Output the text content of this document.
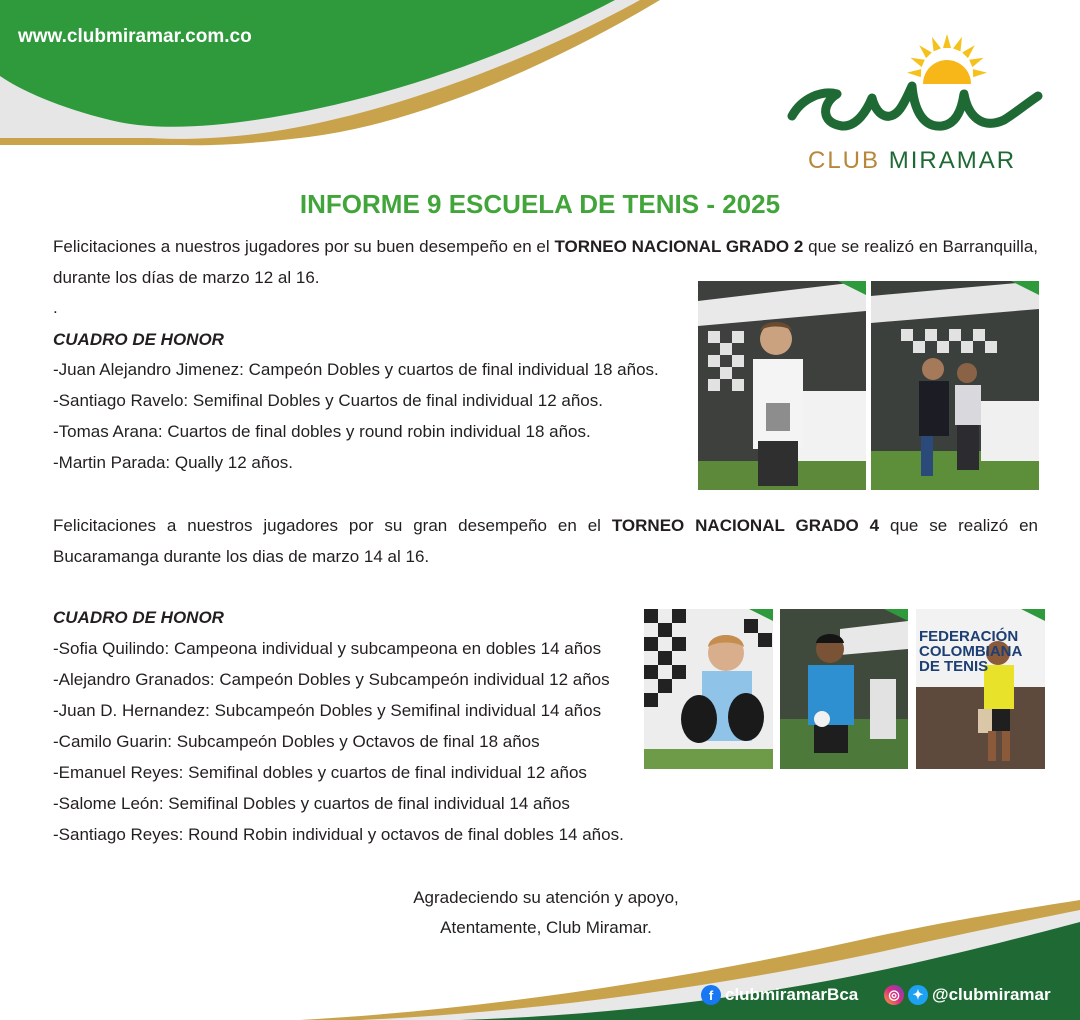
www.clubmiramar.com.co
CLUB MIRAMAR
INFORME 9 ESCUELA DE TENIS - 2025

Felicitaciones a nuestros jugadores por su buen desempeño en el TORNEO NACIONAL GRADO 2 que se realizó en Barranquilla, durante los días de marzo 12 al 16.

.
CUADRO DE HONOR
-Juan Alejandro Jimenez: Campeón Dobles y cuartos de final individual 18 años.
-Santiago Ravelo: Semifinal Dobles y Cuartos de final individual 12 años.
-Tomas Arana: Cuartos de final dobles y round robin individual 18 años.
-Martin Parada: Qually 12 años.

Felicitaciones a nuestros jugadores por su gran desempeño en el TORNEO NACIONAL GRADO 4 que se realizó en Bucaramanga durante los dias de marzo 14 al 16.

CUADRO DE HONOR
-Sofia Quilindo: Campeona individual y subcampeona en dobles 14 años
-Alejandro Granados: Campeón Dobles y Subcampeón individual 12 años
-Juan D. Hernandez: Subcampeón Dobles y Semifinal individual 14 años
-Camilo Guarin: Subcampeón Dobles y Octavos de final 18 años
-Emanuel Reyes: Semifinal dobles y cuartos de final individual 12 años
-Salome León: Semifinal Dobles y cuartos de final individual 14 años
-Santiago Reyes: Round Robin individual y octavos de final dobles 14 años.
FEDERACIÓN COLOMBIANA DE TENIS
Agradeciendo su atención y apoyo,
Atentamente, Club Miramar.
f clubmiramarBca	◎ ✦ @clubmiramar
